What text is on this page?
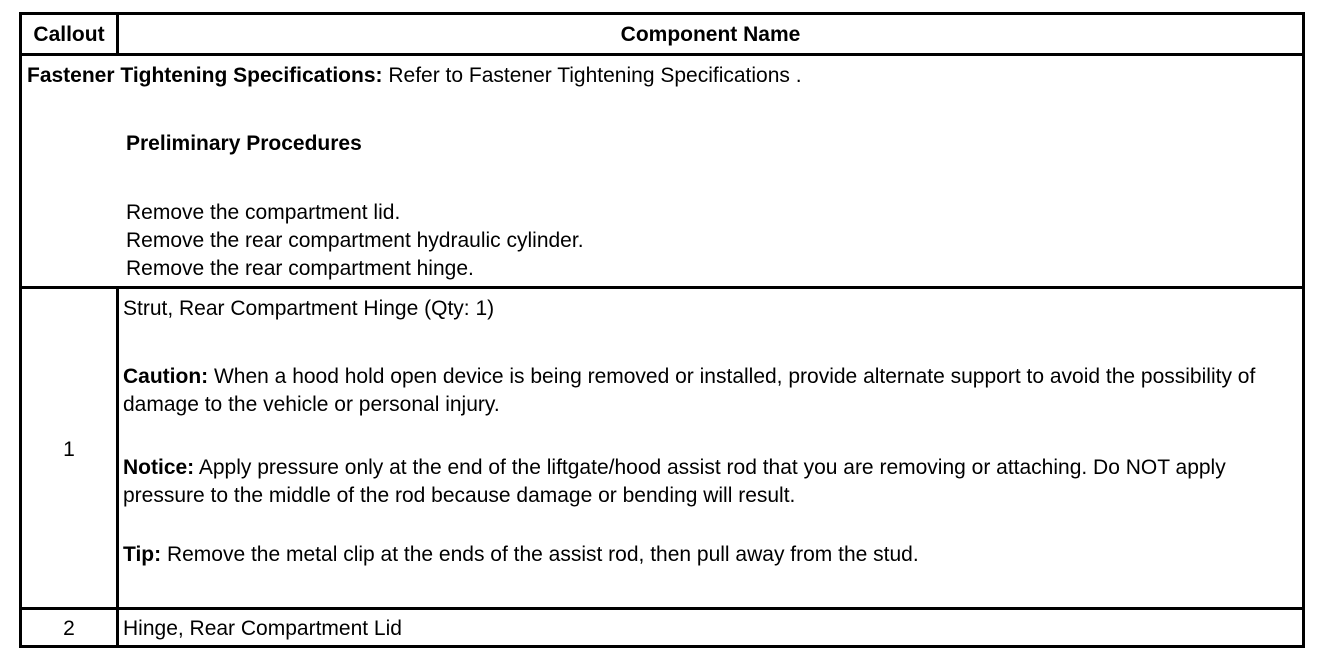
Callout	Component Name
Fastener Tightening Specifications: Refer to Fastener Tightening Specifications .
Preliminary Procedures
Remove the compartment lid.
Remove the rear compartment hydraulic cylinder.
Remove the rear compartment hinge.
1
Strut, Rear Compartment Hinge (Qty: 1)
Caution: When a hood hold open device is being removed or installed, provide alternate support to avoid the possibility of damage to the vehicle or personal injury.
Notice: Apply pressure only at the end of the liftgate/hood assist rod that you are removing or attaching. Do NOT apply pressure to the middle of the rod because damage or bending will result.
Tip: Remove the metal clip at the ends of the assist rod, then pull away from the stud.
2	Hinge, Rear Compartment Lid
